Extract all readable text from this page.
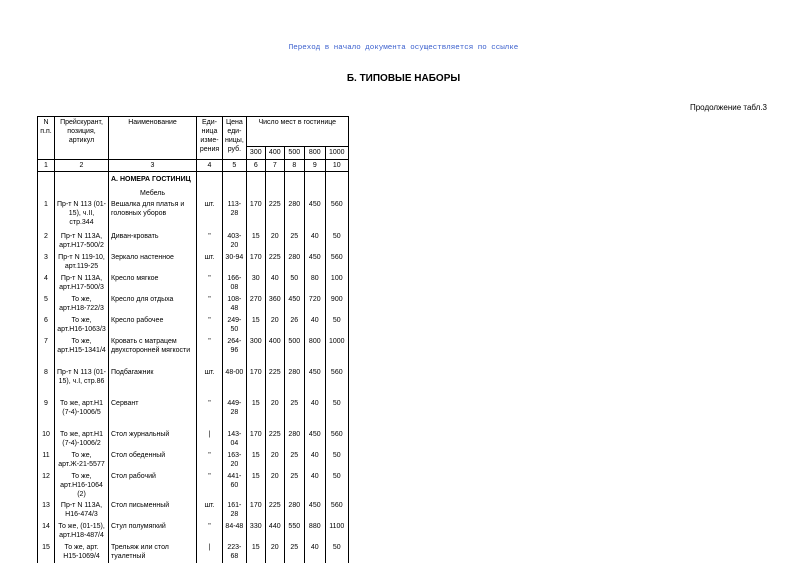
Переход в начало документа осуществляется по ссылке
Б. ТИПОВЫЕ НАБОРЫ
Продолжение табл.3
N п.п.	Прейскурант, позиция, артикул	Наименование	Еди-ница изме-рения	Цена еди-ницы, руб.	Число мест в гостинице				
					300	400	500	800	1000
1	2	3	4	5	6	7	8	9	10
		А. НОМЕРА ГОСТИНИЦ							
		Мебель							
1	Пр-т N 113 (01-15), ч.II, стр.344	Вешалка для платья и головных уборов	шт.	113-28	170	225	280	450	560
2	Пр-т N 113А, арт.Н17-500/2	Диван-кровать	"	403-20	15	20	25	40	50
3	Пр-т N 119-10, арт.119-25	Зеркало настенное	шт.	30-94	170	225	280	450	560
4	Пр-т N 113А, арт.Н17-500/3	Кресло мягкое	"	166-08	30	40	50	80	100
5	То же, арт.Н18-722/3	Кресло для отдыха	"	108-48	270	360	450	720	900
6	То же, арт.Н16-1063/3	Кресло рабочее	"	249-50	15	20	26	40	50
7	То же, арт.Н15-1341/4	Кровать с матрацем двухсторонней мягкости	"	264-96	300	400	500	800	1000
8	Пр-т N 113 (01-15), ч.I, стр.86	Подбагажник	шт.	48-00	170	225	280	450	560
9	То же, арт.Н1 (7-4)-1006/5	Сервант	"	449-28	15	20	25	40	50
10	То же, арт.Н1 (7-4)-1006/2	Стол журнальный	|	143-04	170	225	280	450	560
11	То же, арт.Ж-21-5577	Стол обеденный	"	163-20	15	20	25	40	50
12	То же, арт.Н16-1064 (2)	Стол рабочий	"	441-60	15	20	25	40	50
13	Пр-т N 113А, Н16-474/3	Стол письменный	шт.	161-28	170	225	280	450	560
14	То же, (01-15), арт.Н18-487/4	Стул полумягкий	"	84-48	330	440	550	880	1100
15	То же, арт. Н15-1069/4	Трельяж или стол туалетный	|	223-68	15	20	25	40	50
